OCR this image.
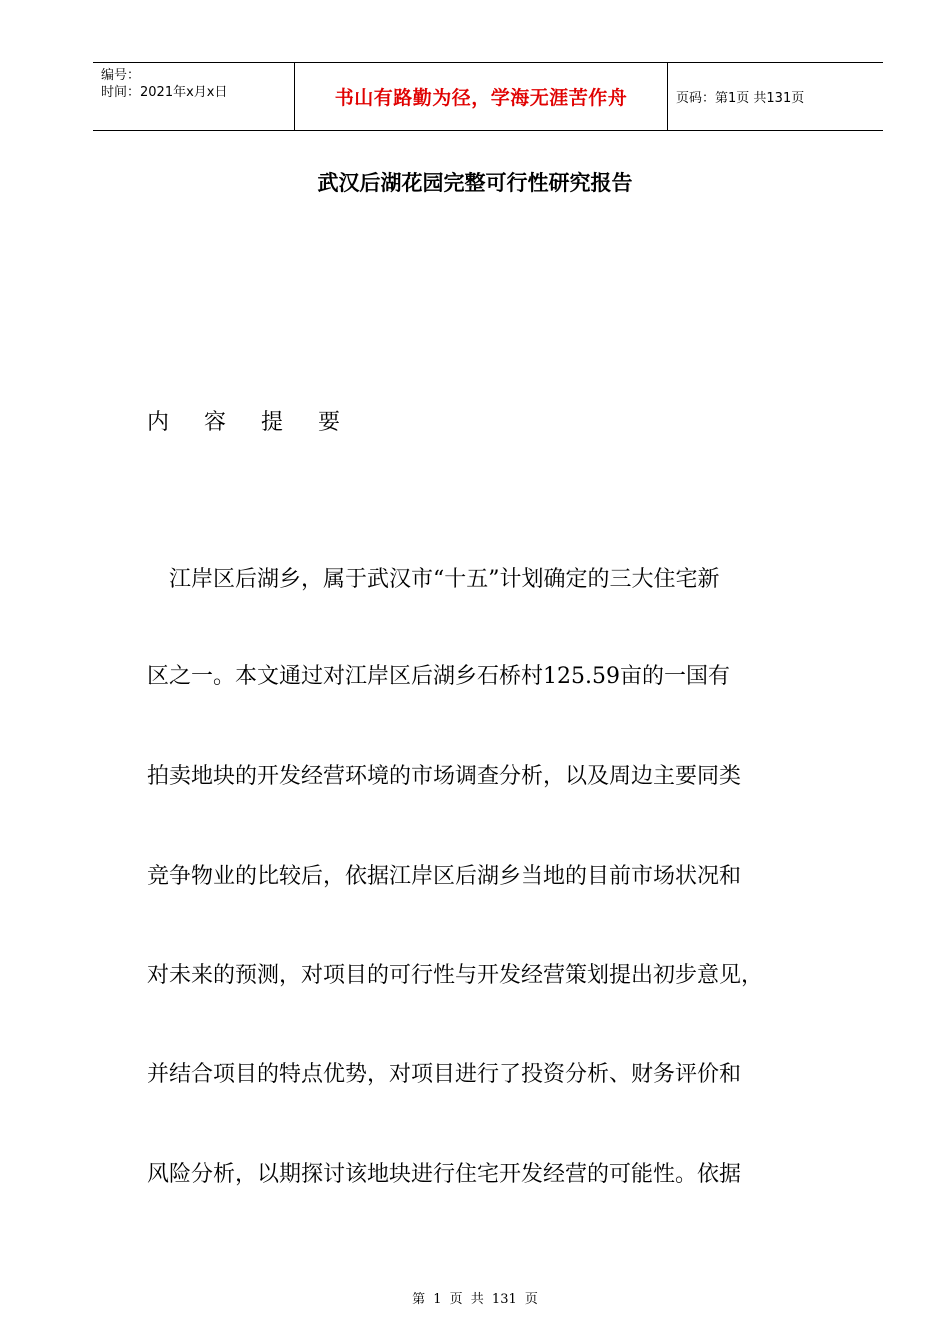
编号：
时间：2021年x月x日	书山有路勤为径，学海无涯苦作舟	页码：第1页 共131页
武汉后湖花园完整可行性研究报告
内 容 提 要
江岸区后湖乡，属于武汉市“十五”计划确定的三大住宅新
区之一。本文通过对江岸区后湖乡石桥村125.59亩的一国有
拍卖地块的开发经营环境的市场调查分析，以及周边主要同类
竞争物业的比较后，依据江岸区后湖乡当地的目前市场状况和
对未来的预测，对项目的可行性与开发经营策划提出初步意见，
并结合项目的特点优势，对项目进行了投资分析、财务评价和
风险分析，以期探讨该地块进行住宅开发经营的可能性。依据
第 1 页 共 131 页
